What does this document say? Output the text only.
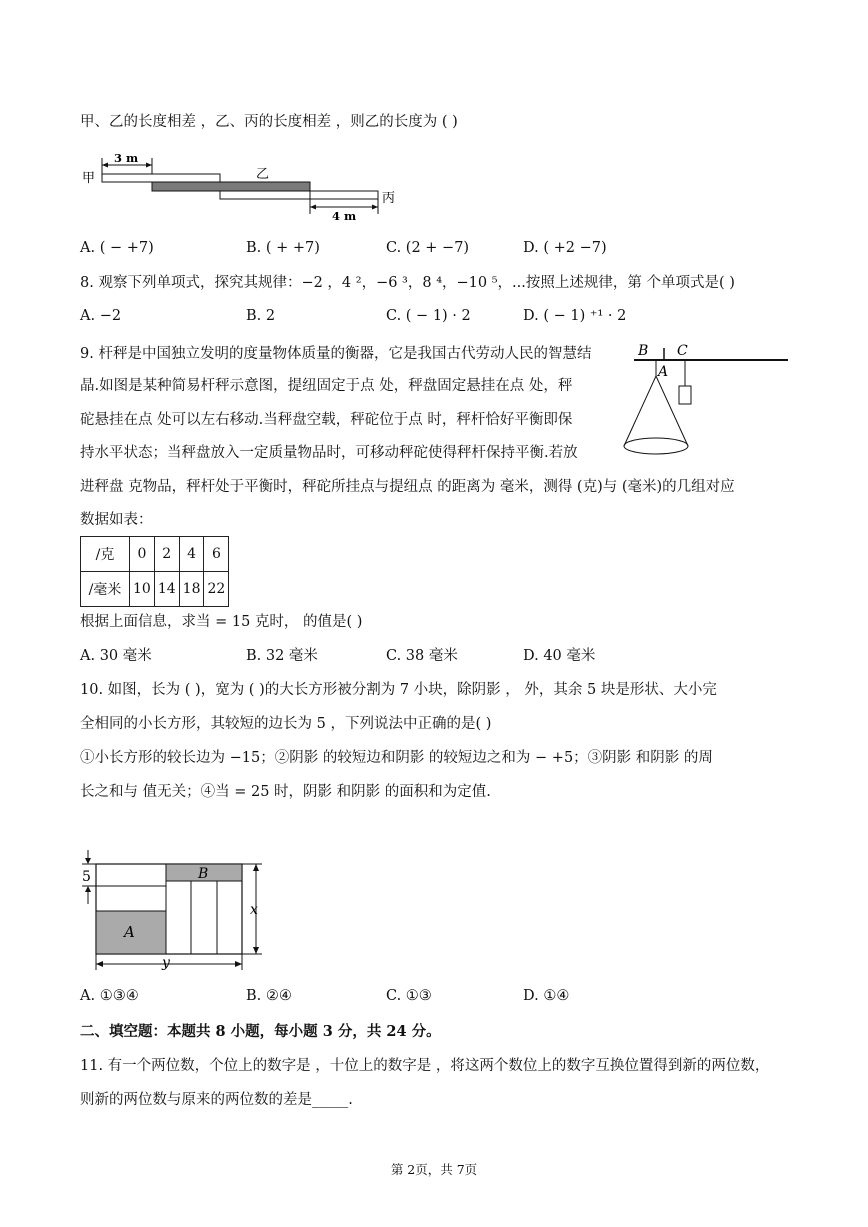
甲、乙的长度相差 ，乙、丙的长度相差 ，则乙的长度为 ( )
甲	乙
丙
3 m
4 m
A. ( − +7)	B. ( + +7)	C. (2 + −7)	D. ( +2 −7)
8. 观察下列单项式，探究其规律：−2 ，4 ²，−6 ³，8 ⁴，−10 ⁵，...按照上述规律，第 个单项式是( )
A. −2	B. 2	C. ( − 1) · 2	D. ( − 1) ⁺¹ · 2
9. 杆秤是中国独立发明的度量物体质量的衡器，它是我国古代劳动人民的智慧结
晶.如图是某种简易杆秤示意图，提纽固定于点 处，秤盘固定悬挂在点 处，秤
砣悬挂在点 处可以左右移动.当秤盘空载，秤砣位于点 时，秤杆恰好平衡即保
持水平状态；当秤盘放入一定质量物品时，可移动秤砣使得秤杆保持平衡.若放
进秤盘 克物品，秤杆处于平衡时，秤砣所挂点与提纽点 的距离为 毫米，测得 (克)与 (毫米)的几组对应
数据如表：
B C
A
/克	0	2	4	6
/毫米	10	14	18	22
根据上面信息，求当 = 15 克时， 的值是( )
A. 30 毫米	B. 32 毫米	C. 38 毫米	D. 40 毫米
10. 如图，长为 ( )，宽为 ( )的大长方形被分割为 7 小块，除阴影 ， 外，其余 5 块是形状、大小完
全相同的小长方形，其较短的边长为 5 ，下列说法中正确的是( )
①小长方形的较长边为 −15；②阴影 的较短边和阴影 的较短边之和为 − +5；③阴影 和阴影 的周
长之和与 值无关；④当 = 25 时，阴影 和阴影 的面积和为定值.
5
A
B
x
y
A. ①③④	B. ②④	C. ①③	D. ①④
二、填空题：本题共 8 小题，每小题 3 分，共 24 分。
11. 有一个两位数，个位上的数字是 ，十位上的数字是 ，将这两个数位上的数字互换位置得到新的两位数，
则新的两位数与原来的两位数的差是_____.
第 2页，共 7页
